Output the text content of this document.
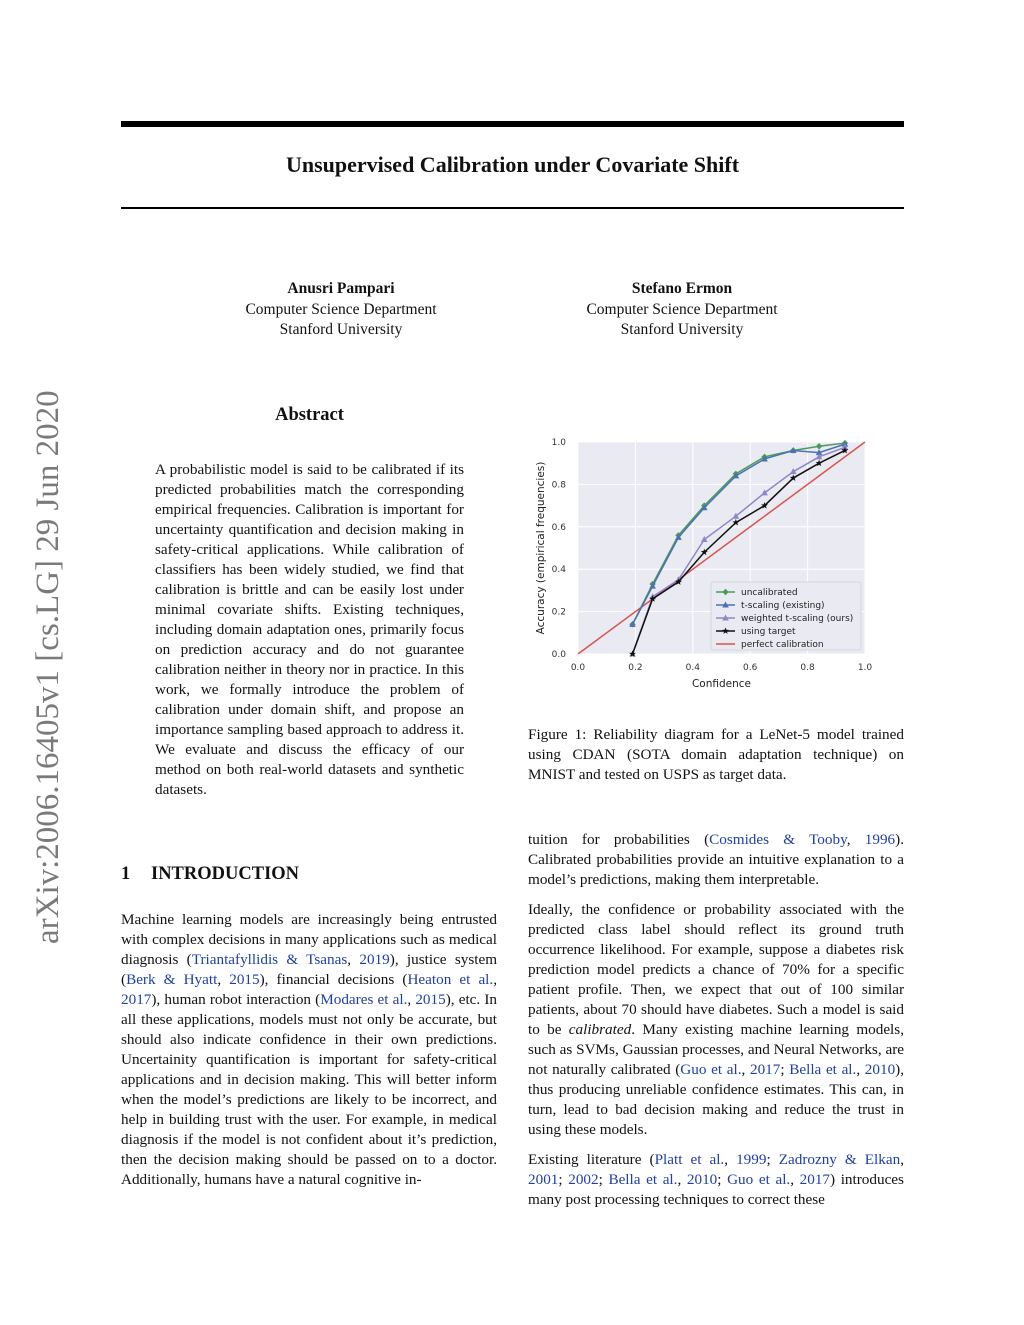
Unsupervised Calibration under Covariate Shift
Anusri Pampari
Computer Science Department
Stanford University
Stefano Ermon
Computer Science Department
Stanford University
arXiv:2006.16405v1 [cs.LG] 29 Jun 2020	Abstract

A probabilistic model is said to be calibrated if its predicted probabilities match the corresponding empirical frequencies. Calibration is important for uncertainty quantification and decision making in safety-critical applications. While calibration of classifiers has been widely studied, we find that calibration is brittle and can be easily lost under minimal covariate shifts. Existing techniques, including domain adaptation ones, primarily focus on prediction accuracy and do not guarantee calibration neither in theory nor in practice. In this work, we formally introduce the problem of calibration under domain shift, and propose an importance sampling based approach to address it. We evaluate and discuss the efficacy of our method on both real-world datasets and synthetic datasets.

1 INTRODUCTION

Machine learning models are increasingly being entrusted with complex decisions in many applications such as medical diagnosis (Triantafyllidis & Tsanas, 2019), justice system (Berk & Hyatt, 2015), financial decisions (Heaton et al., 2017), human robot interaction (Modares et al., 2015), etc. In all these applications, models must not only be accurate, but should also indicate confidence in their own predictions. Uncertainity quantification is important for safety-critical applications and in decision making. This will better inform when the model’s predictions are likely to be incorrect, and help in building trust with the user. For example, in medical diagnosis if the model is not confident about it’s prediction, then the decision making should be passed on to a doctor. Additionally, humans have a natural cognitive in-

0.0
0.0
0.2
0.2
0.4
0.4
0.6
0.6
0.8
0.8
1.0
1.0
Confidence
Accuracy (empirical frequencies)	uncalibrated
t-scaling (existing)
weighted t-scaling (ours)
using target
perfect calibration

Figure 1: Reliability diagram for a LeNet-5 model trained using CDAN (SOTA domain adaptation technique) on MNIST and tested on USPS as target data.

tuition for probabilities (Cosmides & Tooby, 1996). Calibrated probabilities provide an intuitive explanation to a model’s predictions, making them interpretable.

Ideally, the confidence or probability associated with the predicted class label should reflect its ground truth occurrence likelihood. For example, suppose a diabetes risk prediction model predicts a chance of 70% for a specific patient profile. Then, we expect that out of 100 similar patients, about 70 should have diabetes. Such a model is said to be calibrated. Many existing machine learning models, such as SVMs, Gaussian processes, and Neural Networks, are not naturally calibrated (Guo et al., 2017; Bella et al., 2010), thus producing unreliable confidence estimates. This can, in turn, lead to bad decision making and reduce the trust in using these models.

Existing literature (Platt et al., 1999; Zadrozny & Elkan, 2001; 2002; Bella et al., 2010; Guo et al., 2017) introduces many post processing techniques to correct these
